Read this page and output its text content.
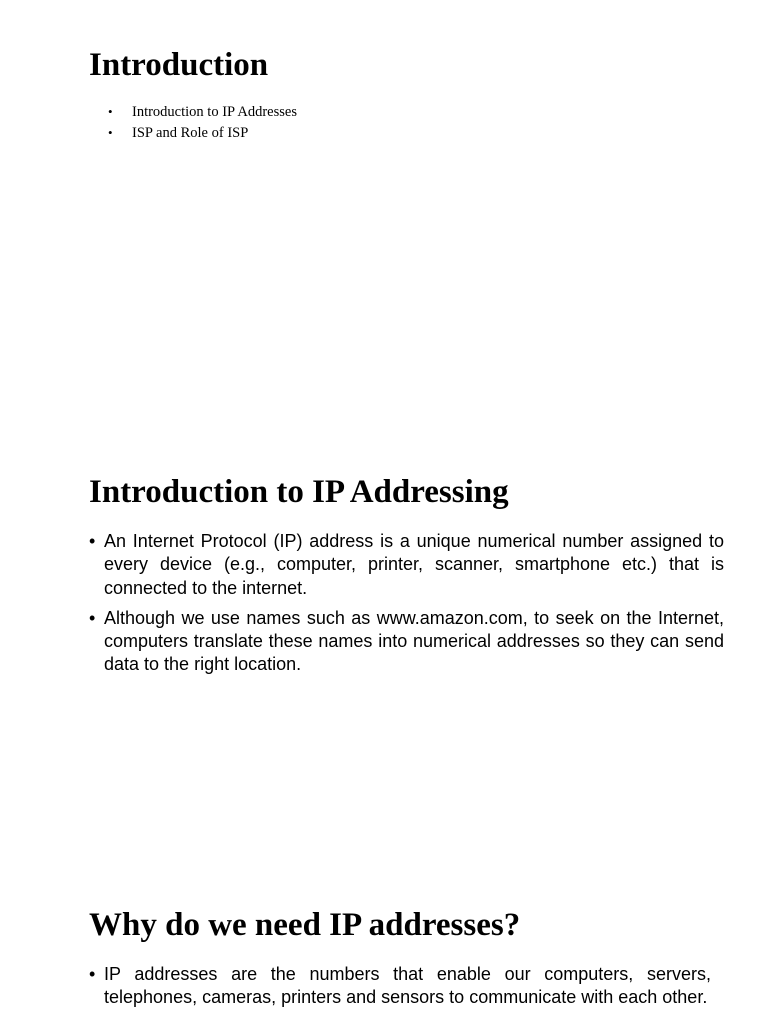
Introduction
• Introduction to IP Addresses
• ISP and Role of ISP
Introduction to IP Addressing
• An Internet Protocol (IP) address is a unique numerical number assigned to every device (e.g., computer, printer, scanner, smartphone etc.) that is connected to the internet.
• Although we use names such as www.amazon.com, to seek on the Internet, computers translate these names into numerical addresses so they can send data to the right location.
Why do we need IP addresses?
• IP addresses are the numbers that enable our computers, servers, telephones, cameras, printers and sensors to communicate with each other.
